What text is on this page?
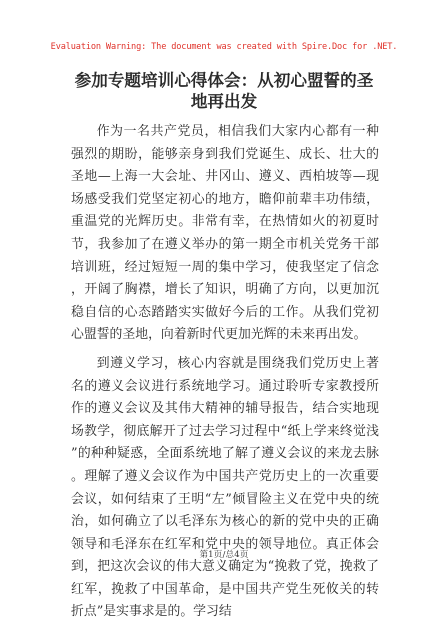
Evaluation Warning: The document was created with Spire.Doc for .NET.
参加专题培训心得体会：从初心盟誓的圣地再出发

作为一名共产党员，相信我们大家内心都有一种强烈的期盼，能够亲身到我们党诞生、成长、壮大的圣地—上海一大会址、井冈山、遵义、西柏坡等—现场感受我们党坚定初心的地方，瞻仰前辈丰功伟绩，重温党的光辉历史。非常有幸，在热情如火的初夏时节，我参加了在遵义举办的第一期全市机关党务干部培训班，经过短短一周的集中学习，使我坚定了信念，开阔了胸襟，增长了知识，明确了方向，以更加沉稳自信的心态踏踏实实做好今后的工作。从我们党初心盟誓的圣地，向着新时代更加光辉的未来再出发。

到遵义学习，核心内容就是围绕我们党历史上著名的遵义会议进行系统地学习。通过聆听专家教授所作的遵义会议及其伟大精神的辅导报告，结合实地现场教学，彻底解开了过去学习过程中“纸上学来终觉浅”的种种疑惑，全面系统地了解了遵义会议的来龙去脉。理解了遵义会议作为中国共产党历史上的一次重要会议，如何结束了王明“左”倾冒险主义在党中央的统治，如何确立了以毛泽东为核心的新的党中央的正确领导和毛泽东在红军和党中央的领导地位。真正体会到，把这次会议的伟大意义确定为“挽救了党，挽救了红军，挽救了中国革命，是中国共产党生死攸关的转折点”是实事求是的。学习结

第1页/总4页
